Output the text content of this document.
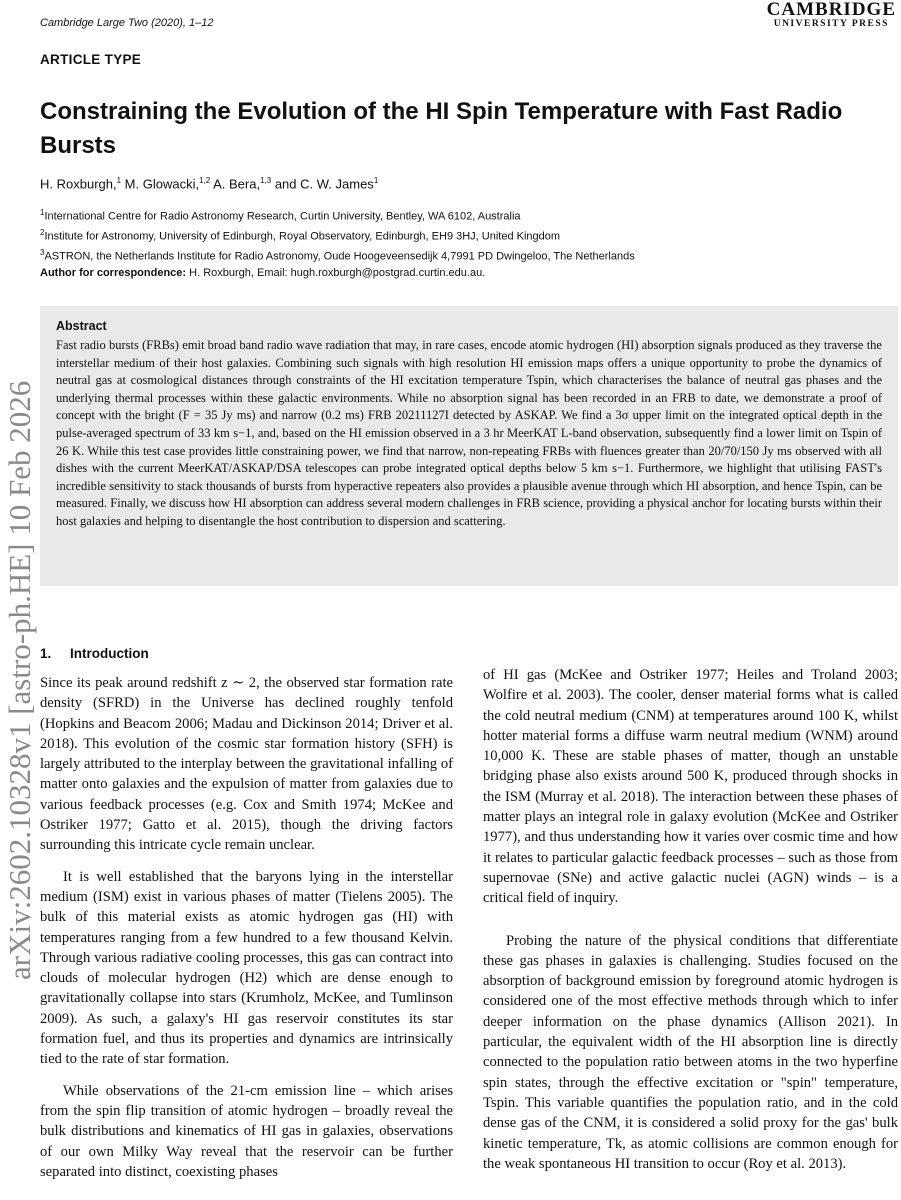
Cambridge Large Two (2020), 1–12
CAMBRIDGE
UNIVERSITY PRESS
ARTICLE TYPE
Constraining the Evolution of the HI Spin Temperature with Fast Radio Bursts
H. Roxburgh,$^1$ M. Glowacki,$^{1,2}$ A. Bera,$^{1,3}$ and C. W. James$^1$
$^1$International Centre for Radio Astronomy Research, Curtin University, Bentley, WA 6102, Australia
$^2$Institute for Astronomy, University of Edinburgh, Royal Observatory, Edinburgh, EH9 3HJ, United Kingdom
$^3$ASTRON, the Netherlands Institute for Radio Astronomy, Oude Hoogeveensedijk 4,7991 PD Dwingeloo, The Netherlands
Author for correspondence: H. Roxburgh, Email: hugh.roxburgh@postgrad.curtin.edu.au.
arXiv:2602.10328v1 [astro-ph.HE] 10 Feb 2026
Abstract
Fast radio bursts (FRBs) emit broad band radio wave radiation that may, in rare cases, encode atomic hydrogen (HI) absorption signals produced as they traverse the interstellar medium of their host galaxies. Combining such signals with high resolution HI emission maps offers a unique opportunity to probe the dynamics of neutral gas at cosmological distances through constraints of the HI excitation temperature Tspin, which characterises the balance of neutral gas phases and the underlying thermal processes within these galactic environments. While no absorption signal has been recorded in an FRB to date, we demonstrate a proof of concept with the bright (F = 35 Jy ms) and narrow (0.2 ms) FRB 20211127I detected by ASKAP. We find a 3σ upper limit on the integrated optical depth in the pulse-averaged spectrum of 33 km s−1, and, based on the HI emission observed in a 3 hr MeerKAT L-band observation, subsequently find a lower limit on Tspin of 26 K. While this test case provides little constraining power, we find that narrow, non-repeating FRBs with fluences greater than 20/70/150 Jy ms observed with all dishes with the current MeerKAT/ASKAP/DSA telescopes can probe integrated optical depths below 5 km s−1. Furthermore, we highlight that utilising FAST's incredible sensitivity to stack thousands of bursts from hyperactive repeaters also provides a plausible avenue through which HI absorption, and hence Tspin, can be measured. Finally, we discuss how HI absorption can address several modern challenges in FRB science, providing a physical anchor for locating bursts within their host galaxies and helping to disentangle the host contribution to dispersion and scattering.
1. Introduction

Since its peak around redshift z ∼ 2, the observed star formation rate density (SFRD) in the Universe has declined roughly tenfold (Hopkins and Beacom 2006; Madau and Dickinson 2014; Driver et al. 2018). This evolution of the cosmic star formation history (SFH) is largely attributed to the interplay between the gravitational infalling of matter onto galaxies and the expulsion of matter from galaxies due to various feedback processes (e.g. Cox and Smith 1974; McKee and Ostriker 1977; Gatto et al. 2015), though the driving factors surrounding this intricate cycle remain unclear.

It is well established that the baryons lying in the interstellar medium (ISM) exist in various phases of matter (Tielens 2005). The bulk of this material exists as atomic hydrogen gas (HI) with temperatures ranging from a few hundred to a few thousand Kelvin. Through various radiative cooling processes, this gas can contract into clouds of molecular hydrogen (H2) which are dense enough to gravitationally collapse into stars (Krumholz, McKee, and Tumlinson 2009). As such, a galaxy's HI gas reservoir constitutes its star formation fuel, and thus its properties and dynamics are intrinsically tied to the rate of star formation.

While observations of the 21-cm emission line – which arises from the spin flip transition of atomic hydrogen – broadly reveal the bulk distributions and kinematics of HI gas in galaxies, observations of our own Milky Way reveal that the reservoir can be further separated into distinct, coexisting phases

of HI gas (McKee and Ostriker 1977; Heiles and Troland 2003; Wolfire et al. 2003). The cooler, denser material forms what is called the cold neutral medium (CNM) at temperatures around 100 K, whilst hotter material forms a diffuse warm neutral medium (WNM) around 10,000 K. These are stable phases of matter, though an unstable bridging phase also exists around 500 K, produced through shocks in the ISM (Murray et al. 2018). The interaction between these phases of matter plays an integral role in galaxy evolution (McKee and Ostriker 1977), and thus understanding how it varies over cosmic time and how it relates to particular galactic feedback processes – such as those from supernovae (SNe) and active galactic nuclei (AGN) winds – is a critical field of inquiry.

Probing the nature of the physical conditions that differentiate these gas phases in galaxies is challenging. Studies focused on the absorption of background emission by foreground atomic hydrogen is considered one of the most effective methods through which to infer deeper information on the phase dynamics (Allison 2021). In particular, the equivalent width of the HI absorption line is directly connected to the population ratio between atoms in the two hyperfine spin states, through the effective excitation or "spin" temperature, Tspin. This variable quantifies the population ratio, and in the cold dense gas of the CNM, it is considered a solid proxy for the gas' bulk kinetic temperature, Tk, as atomic collisions are common enough for the weak spontaneous HI transition to occur (Roy et al. 2013).
